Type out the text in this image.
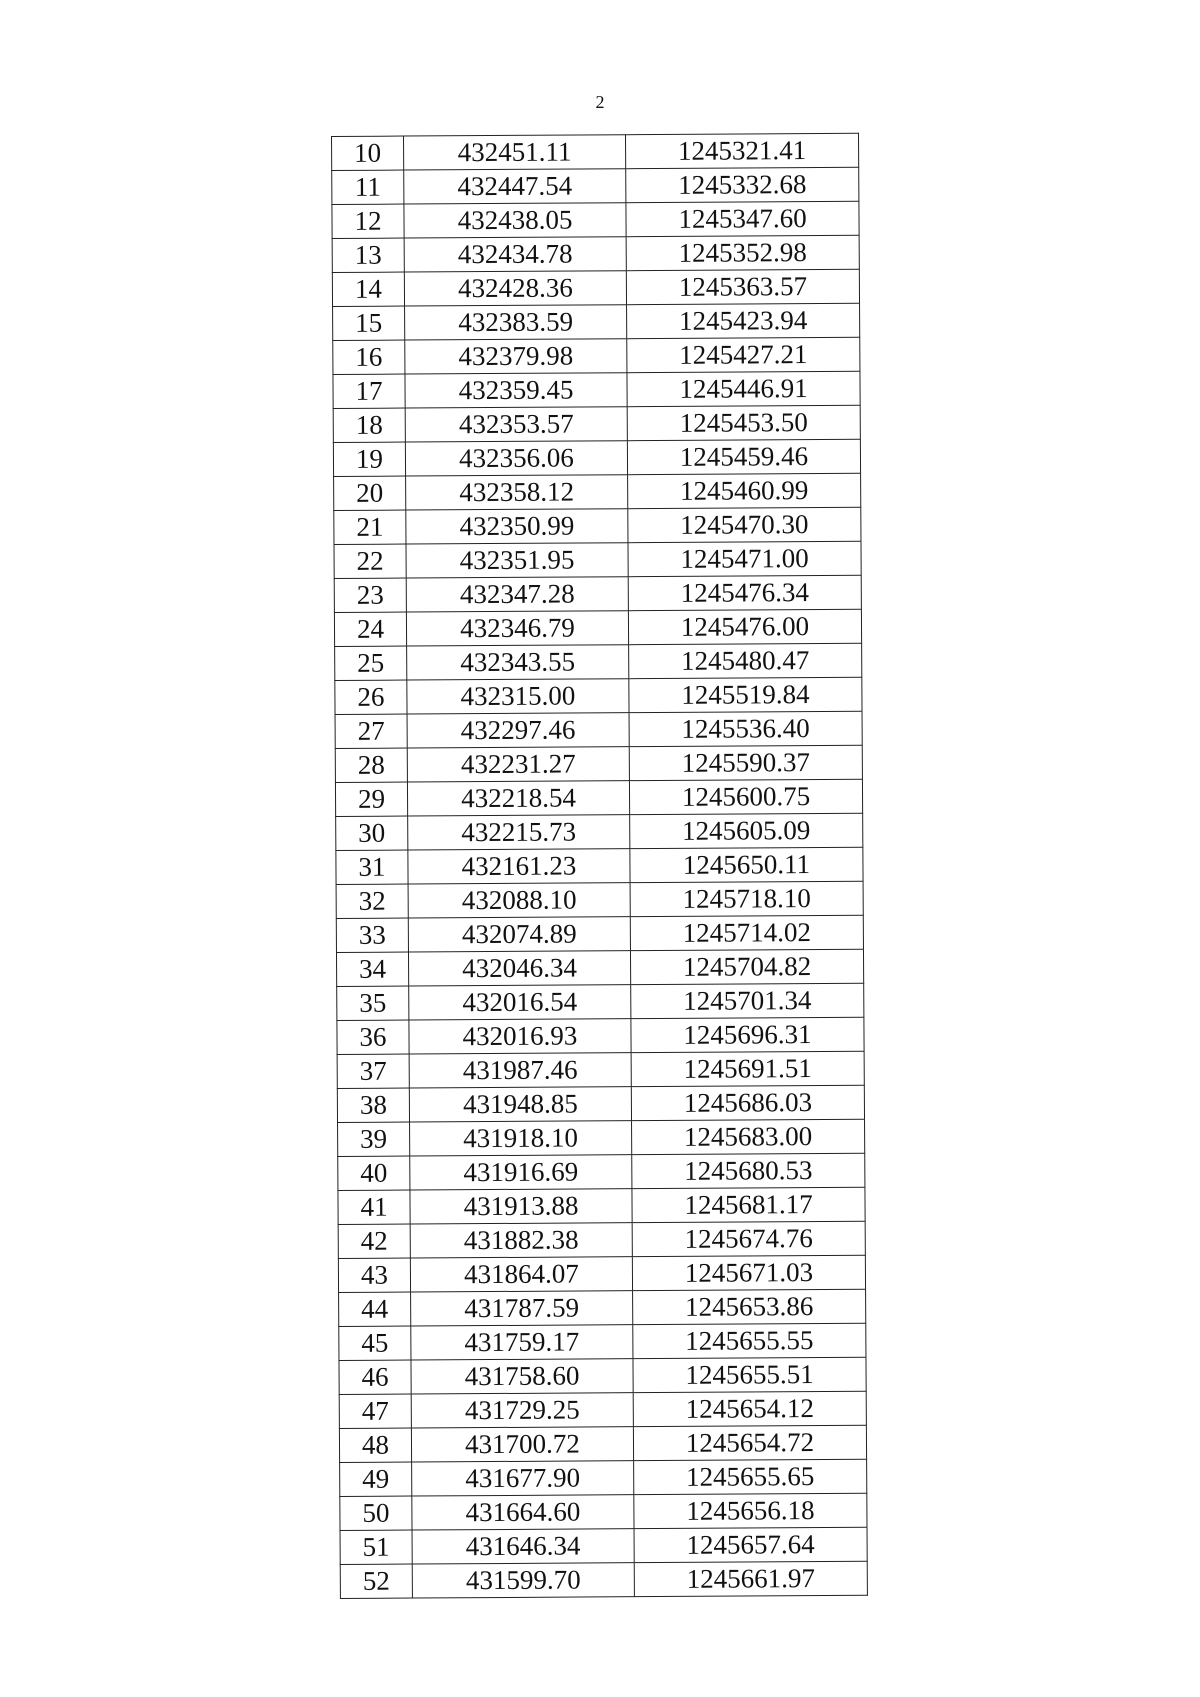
2
10	432451.11	1245321.41
11	432447.54	1245332.68
12	432438.05	1245347.60
13	432434.78	1245352.98
14	432428.36	1245363.57
15	432383.59	1245423.94
16	432379.98	1245427.21
17	432359.45	1245446.91
18	432353.57	1245453.50
19	432356.06	1245459.46
20	432358.12	1245460.99
21	432350.99	1245470.30
22	432351.95	1245471.00
23	432347.28	1245476.34
24	432346.79	1245476.00
25	432343.55	1245480.47
26	432315.00	1245519.84
27	432297.46	1245536.40
28	432231.27	1245590.37
29	432218.54	1245600.75
30	432215.73	1245605.09
31	432161.23	1245650.11
32	432088.10	1245718.10
33	432074.89	1245714.02
34	432046.34	1245704.82
35	432016.54	1245701.34
36	432016.93	1245696.31
37	431987.46	1245691.51
38	431948.85	1245686.03
39	431918.10	1245683.00
40	431916.69	1245680.53
41	431913.88	1245681.17
42	431882.38	1245674.76
43	431864.07	1245671.03
44	431787.59	1245653.86
45	431759.17	1245655.55
46	431758.60	1245655.51
47	431729.25	1245654.12
48	431700.72	1245654.72
49	431677.90	1245655.65
50	431664.60	1245656.18
51	431646.34	1245657.64
52	431599.70	1245661.97
